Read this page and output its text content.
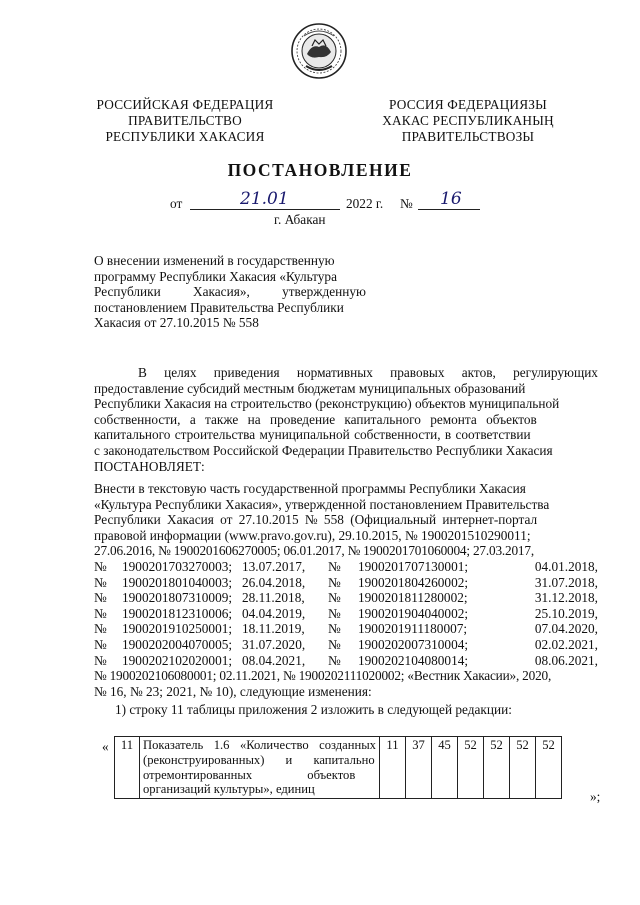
РОССИЙСКАЯ ФЕДЕРАЦИЯ
ПРАВИТЕЛЬСТВО
РЕСПУБЛИКИ ХАКАСИЯ
РОССИЯ ФЕДЕРАЦИЯЗЫ
ХАКАС РЕСПУБЛИКАНЫҢ
ПРАВИТЕЛЬСТВОЗЫ
ПОСТАНОВЛЕНИЕ
от	21.01	2022 г. № 16
г. Абакан
О внесении изменений в государственную
программу Республики Хакасия «Культура
Республики Хакасия», утвержденную
постановлением Правительства Республики
Хакасия от 27.10.2015 № 558
В целях приведения нормативных правовых актов, регулирующих
предоставление субсидий местным бюджетам муниципальных образований
Республики Хакасия на строительство (реконструкцию) объектов муниципальной
собственности, а также на проведение капитального ремонта объектов
капитального строительства муниципальной собственности, в соответствии
с законодательством Российской Федерации Правительство Республики Хакасия
ПОСТАНОВЛЯЕТ:
Внести в текстовую часть государственной программы Республики Хакасия
«Культура Республики Хакасия», утвержденной постановлением Правительства
Республики Хакасия от 27.10.2015 № 558 (Официальный интернет-портал
правовой информации (www.pravo.gov.ru), 29.10.2015, № 1900201510290011;
27.06.2016, № 1900201606270005; 06.01.2017, № 1900201701060004; 27.03.2017,
№	1900201703270003; 13.07.2017,	№	1900201707130001;	04.01.2018,
№	1900201801040003; 26.04.2018,	№	1900201804260002;	31.07.2018,
№	1900201807310009; 28.11.2018,	№	1900201811280002;	31.12.2018,
№	1900201812310006; 04.04.2019,	№	1900201904040002;	25.10.2019,
№	1900201910250001; 18.11.2019,	№	1900201911180007;	07.04.2020,
№	1900202004070005; 31.07.2020,	№	1900202007310004;	02.02.2021,
№	1900202102020001; 08.04.2021,	№	1900202104080014;	08.06.2021,
№ 1900202106080001; 02.11.2021, № 1900202111020002; «Вестник Хакасии», 2020,
№ 16, № 23; 2021, № 10), следующие изменения:
1) строку 11 таблицы приложения 2 изложить в следующей редакции:
« 11	Показатель 1.6 «Количество созданных
(реконструированных) и капитально
отремонтированных объектов
организаций культуры», единиц
	11	37	45	52	52	52	52
»;
